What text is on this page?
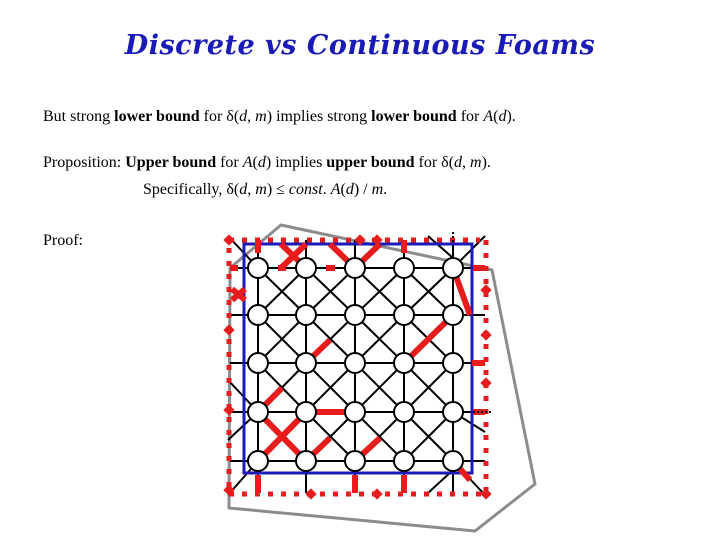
Discrete vs Continuous Foams
But strong lower bound for δ(d, m) implies strong lower bound for A(d).
Proposition: Upper bound for A(d) implies upper bound for δ(d, m).
Specifically, δ(d, m) ≤ const. A(d) / m.
Proof:
